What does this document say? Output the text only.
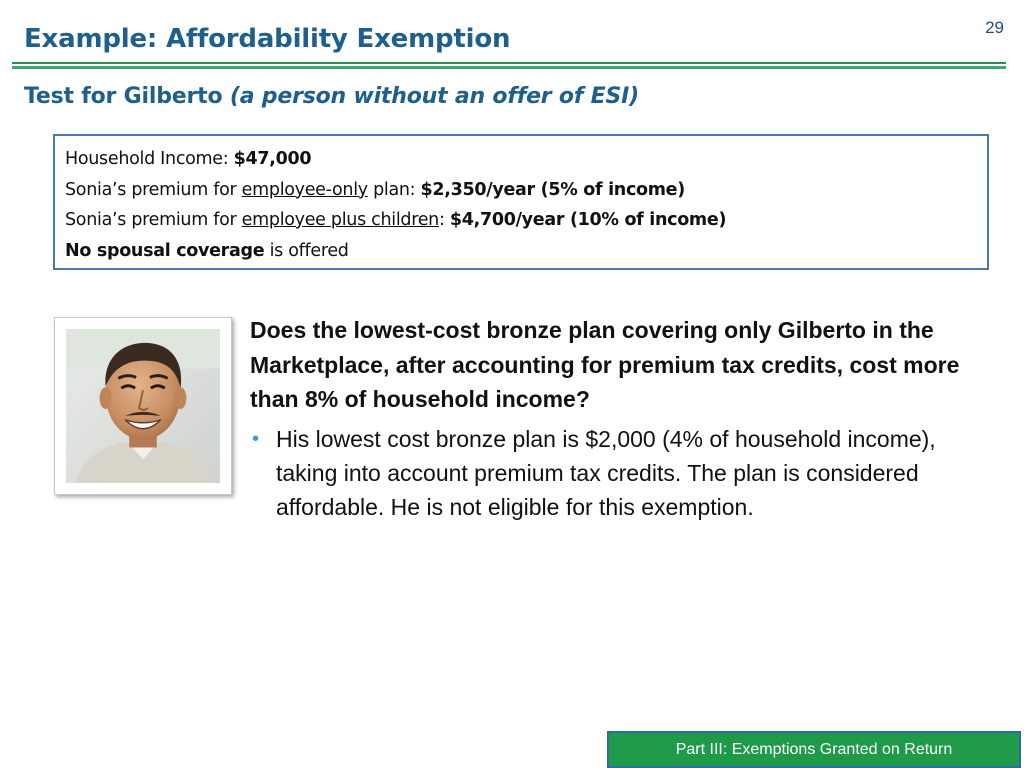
29
Example: Affordability Exemption
Test for Gilberto (a person without an offer of ESI)
Household Income: $47,000
Sonia’s premium for employee-only plan: $2,350/year (5% of income)
Sonia’s premium for employee plus children: $4,700/year (10% of income)
No spousal coverage is offered
Does the lowest-cost bronze plan covering only Gilberto in the Marketplace, after accounting for premium tax credits, cost more than 8% of household income?
• His lowest cost bronze plan is $2,000 (4% of household income), taking into account premium tax credits. The plan is considered affordable. He is not eligible for this exemption.
Part III: Exemptions Granted on Return
